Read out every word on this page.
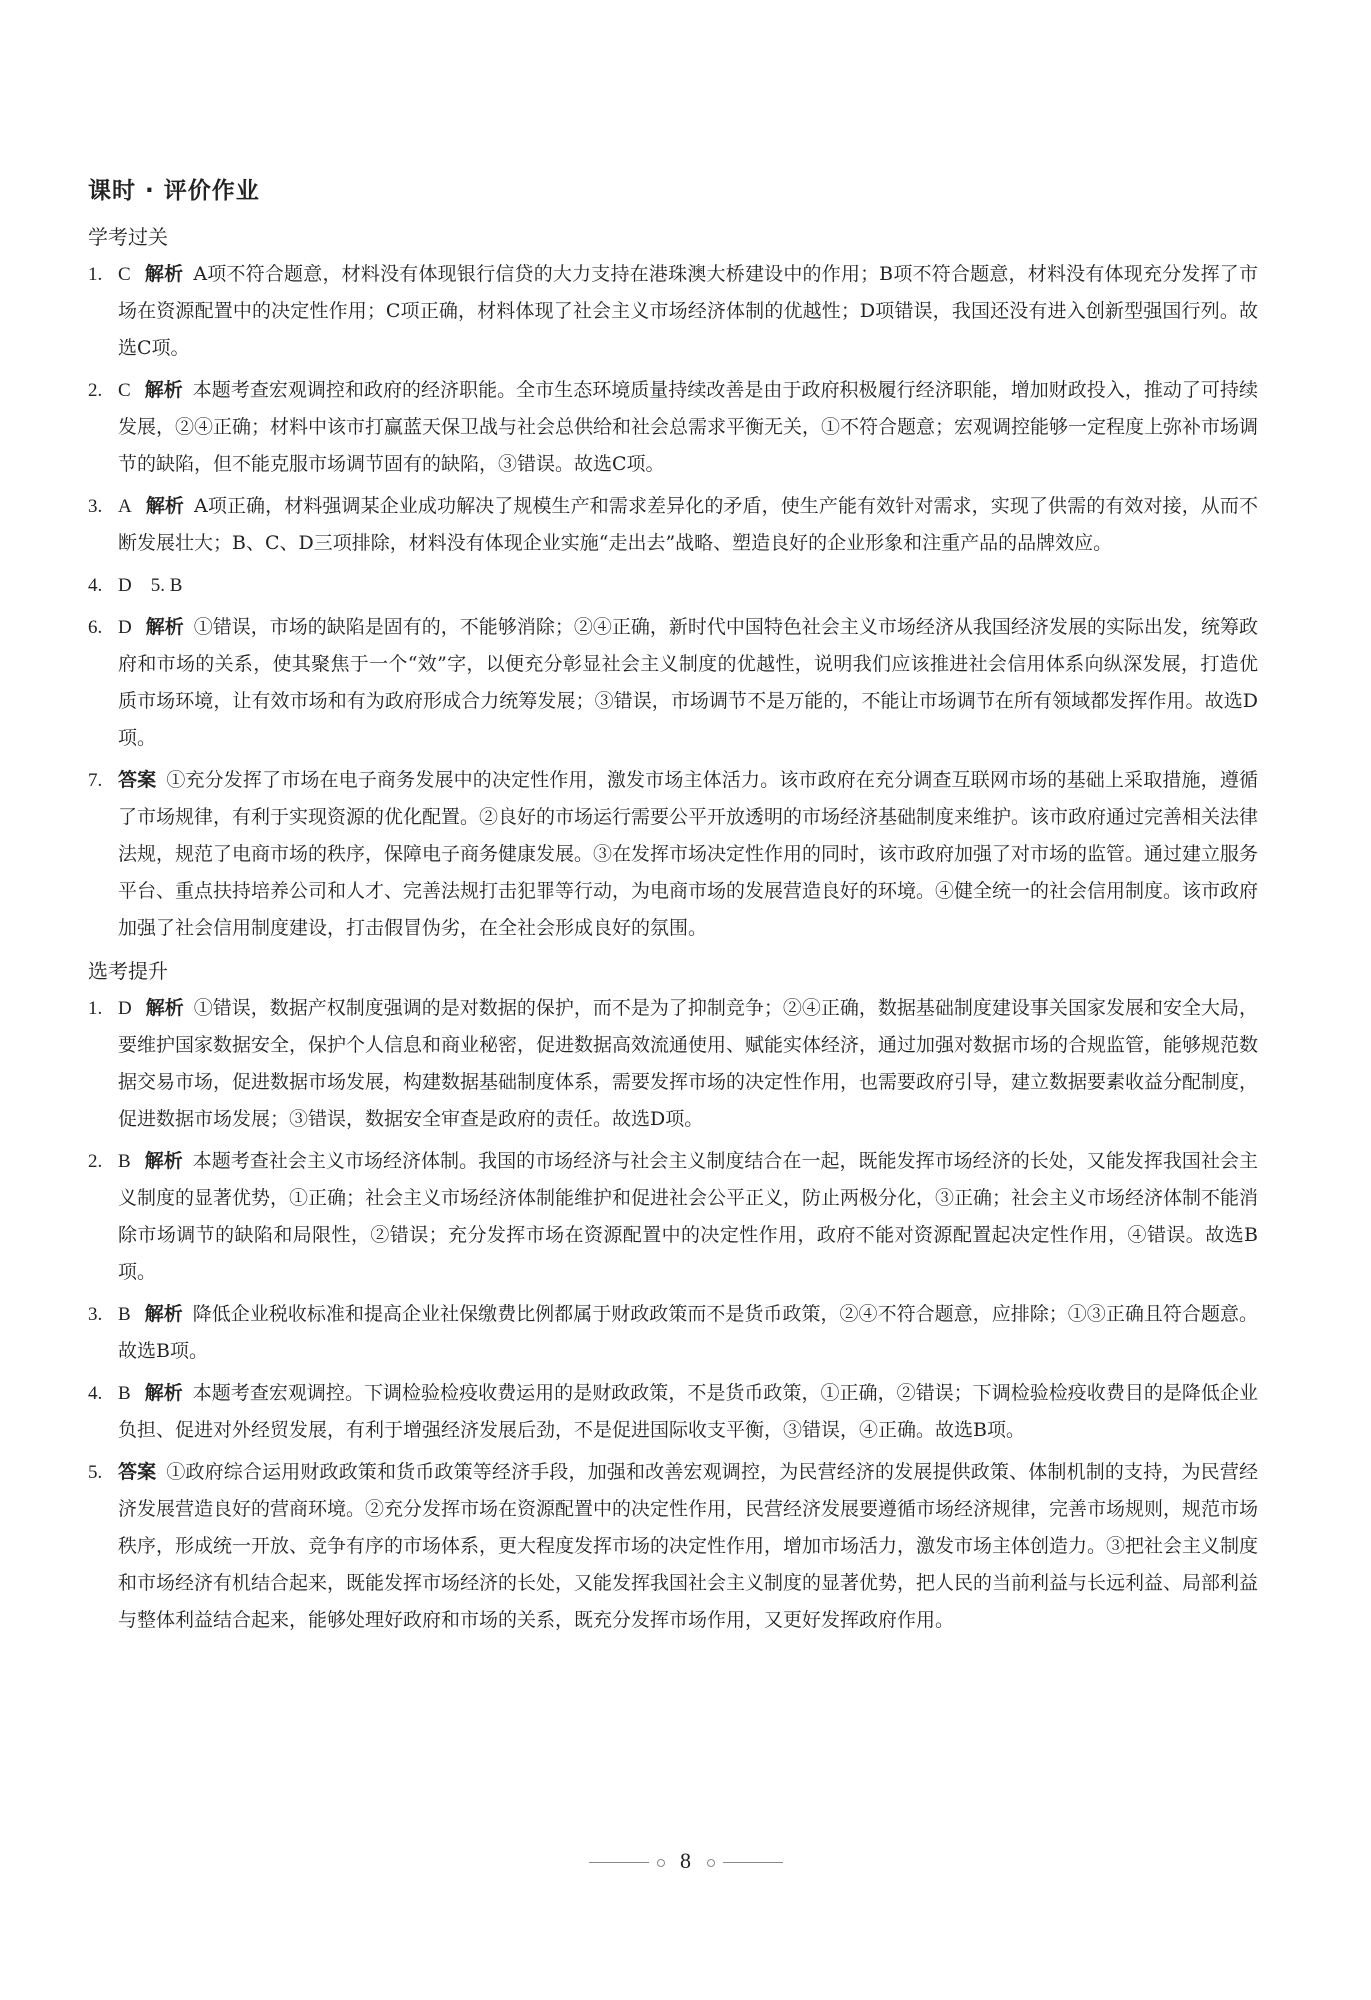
课时 · 评价作业
学考过关
1. C 解析 A项不符合题意，材料没有体现银行信贷的大力支持在港珠澳大桥建设中的作用；B项不符合题意，材料没有体现充分发挥了市场在资源配置中的决定性作用；C项正确，材料体现了社会主义市场经济体制的优越性；D项错误，我国还没有进入创新型强国行列。故选C项。
2. C 解析 本题考查宏观调控和政府的经济职能。全市生态环境质量持续改善是由于政府积极履行经济职能，增加财政投入，推动了可持续发展，②④正确；材料中该市打赢蓝天保卫战与社会总供给和社会总需求平衡无关，①不符合题意；宏观调控能够一定程度上弥补市场调节的缺陷，但不能克服市场调节固有的缺陷，③错误。故选C项。
3. A 解析 A项正确，材料强调某企业成功解决了规模生产和需求差异化的矛盾，使生产能有效针对需求，实现了供需的有效对接，从而不断发展壮大；B、C、D三项排除，材料没有体现企业实施“走出去”战略、塑造良好的企业形象和注重产品的品牌效应。
4. D　5. B
6. D 解析 ①错误，市场的缺陷是固有的，不能够消除；②④正确，新时代中国特色社会主义市场经济从我国经济发展的实际出发，统筹政府和市场的关系，使其聚焦于一个“效”字，以便充分彰显社会主义制度的优越性，说明我们应该推进社会信用体系向纵深发展，打造优质市场环境，让有效市场和有为政府形成合力统筹发展；③错误，市场调节不是万能的，不能让市场调节在所有领域都发挥作用。故选D项。
7. 答案 ①充分发挥了市场在电子商务发展中的决定性作用，激发市场主体活力。该市政府在充分调查互联网市场的基础上采取措施，遵循了市场规律，有利于实现资源的优化配置。②良好的市场运行需要公平开放透明的市场经济基础制度来维护。该市政府通过完善相关法律法规，规范了电商市场的秩序，保障电子商务健康发展。③在发挥市场决定性作用的同时，该市政府加强了对市场的监管。通过建立服务平台、重点扶持培养公司和人才、完善法规打击犯罪等行动，为电商市场的发展营造良好的环境。④健全统一的社会信用制度。该市政府加强了社会信用制度建设，打击假冒伪劣，在全社会形成良好的氛围。
选考提升
1. D 解析 ①错误，数据产权制度强调的是对数据的保护，而不是为了抑制竞争；②④正确，数据基础制度建设事关国家发展和安全大局，要维护国家数据安全，保护个人信息和商业秘密，促进数据高效流通使用、赋能实体经济，通过加强对数据市场的合规监管，能够规范数据交易市场，促进数据市场发展，构建数据基础制度体系，需要发挥市场的决定性作用，也需要政府引导，建立数据要素收益分配制度，促进数据市场发展；③错误，数据安全审查是政府的责任。故选D项。
2. B 解析 本题考查社会主义市场经济体制。我国的市场经济与社会主义制度结合在一起，既能发挥市场经济的长处，又能发挥我国社会主义制度的显著优势，①正确；社会主义市场经济体制能维护和促进社会公平正义，防止两极分化，③正确；社会主义市场经济体制不能消除市场调节的缺陷和局限性，②错误；充分发挥市场在资源配置中的决定性作用，政府不能对资源配置起决定性作用，④错误。故选B项。
3. B 解析 降低企业税收标准和提高企业社保缴费比例都属于财政政策而不是货币政策，②④不符合题意，应排除；①③正确且符合题意。故选B项。
4. B 解析 本题考查宏观调控。下调检验检疫收费运用的是财政政策，不是货币政策，①正确，②错误；下调检验检疫收费目的是降低企业负担、促进对外经贸发展，有利于增强经济发展后劲，不是促进国际收支平衡，③错误，④正确。故选B项。
5. 答案 ①政府综合运用财政政策和货币政策等经济手段，加强和改善宏观调控，为民营经济的发展提供政策、体制机制的支持，为民营经济发展营造良好的营商环境。②充分发挥市场在资源配置中的决定性作用，民营经济发展要遵循市场经济规律，完善市场规则，规范市场秩序，形成统一开放、竞争有序的市场体系，更大程度发挥市场的决定性作用，增加市场活力，激发市场主体创造力。③把社会主义制度和市场经济有机结合起来，既能发挥市场经济的长处，又能发挥我国社会主义制度的显著优势，把人民的当前利益与长远利益、局部利益与整体利益结合起来，能够处理好政府和市场的关系，既充分发挥市场作用，又更好发挥政府作用。
8
